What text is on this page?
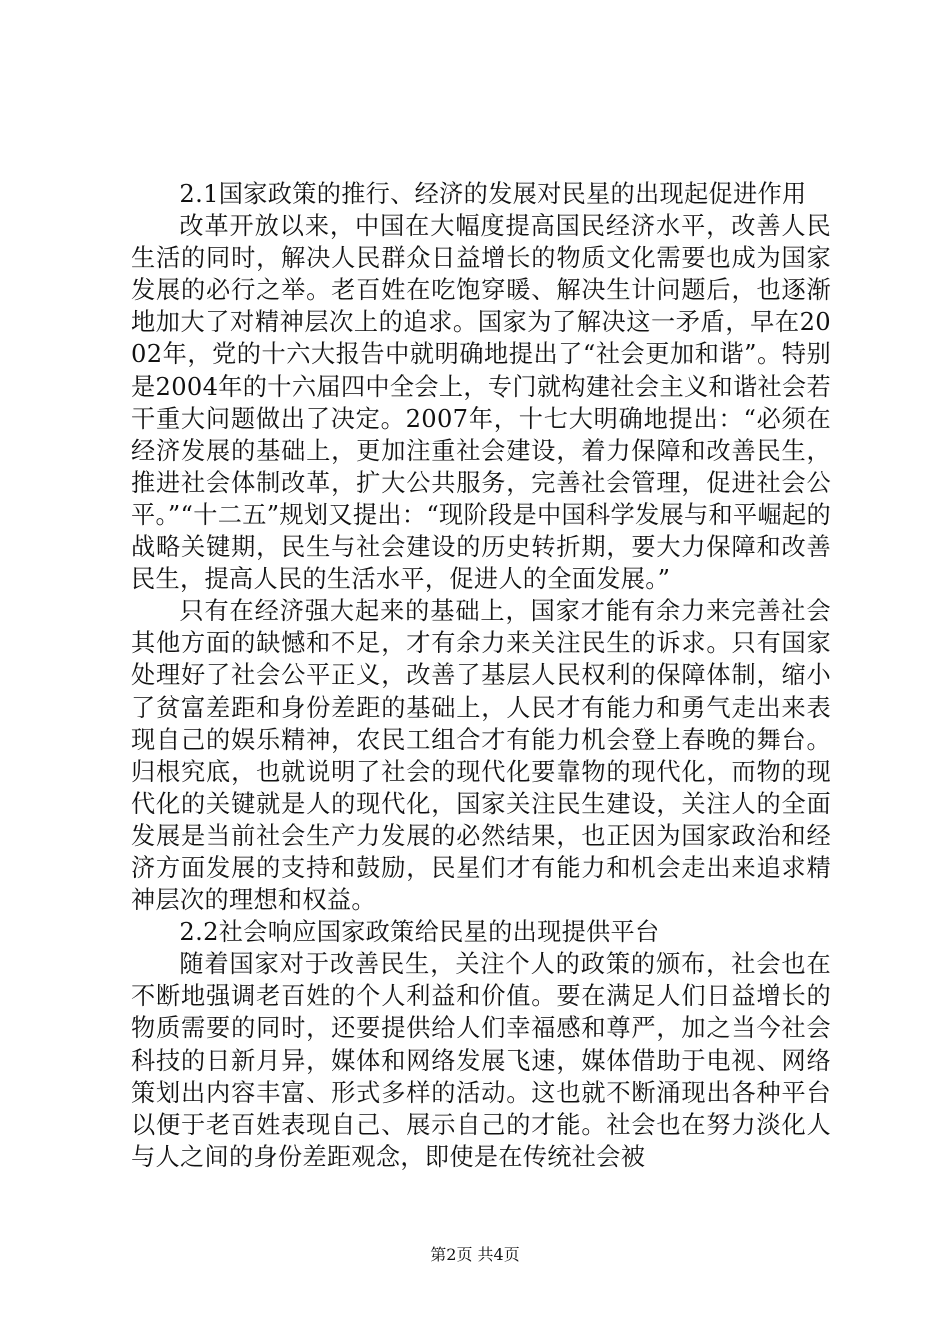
2.1国家政策的推行、经济的发展对民星的出现起促进作用

改革开放以来，中国在大幅度提高国民经济水平，改善人民生活的同时，解决人民群众日益增长的物质文化需要也成为国家发展的必行之举。老百姓在吃饱穿暖、解决生计问题后，也逐渐地加大了对精神层次上的追求。国家为了解决这一矛盾，早在2002年，党的十六大报告中就明确地提出了“社会更加和谐”。特别是2004年的十六届四中全会上，专门就构建社会主义和谐社会若干重大问题做出了决定。2007年，十七大明确地提出：“必须在经济发展的基础上，更加注重社会建设，着力保障和改善民生，推进社会体制改革，扩大公共服务，完善社会管理，促进社会公平。”“十二五”规划又提出：“现阶段是中国科学发展与和平崛起的战略关键期，民生与社会建设的历史转折期，要大力保障和改善民生，提高人民的生活水平，促进人的全面发展。”

只有在经济强大起来的基础上，国家才能有余力来完善社会其他方面的缺憾和不足，才有余力来关注民生的诉求。只有国家处理好了社会公平正义，改善了基层人民权利的保障体制，缩小了贫富差距和身份差距的基础上，人民才有能力和勇气走出来表现自己的娱乐精神，农民工组合才有能力机会登上春晚的舞台。归根究底，也就说明了社会的现代化要靠物的现代化，而物的现代化的关键就是人的现代化，国家关注民生建设，关注人的全面发展是当前社会生产力发展的必然结果，也正因为国家政治和经济方面发展的支持和鼓励，民星们才有能力和机会走出来追求精神层次的理想和权益。

2.2社会响应国家政策给民星的出现提供平台

随着国家对于改善民生，关注个人的政策的颁布，社会也在不断地强调老百姓的个人利益和价值。要在满足人们日益增长的物质需要的同时，还要提供给人们幸福感和尊严，加之当今社会科技的日新月异，媒体和网络发展飞速，媒体借助于电视、网络策划出内容丰富、形式多样的活动。这也就不断涌现出各种平台以便于老百姓表现自己、展示自己的才能。社会也在努力淡化人与人之间的身份差距观念，即使是在传统社会被

第2页 共4页
